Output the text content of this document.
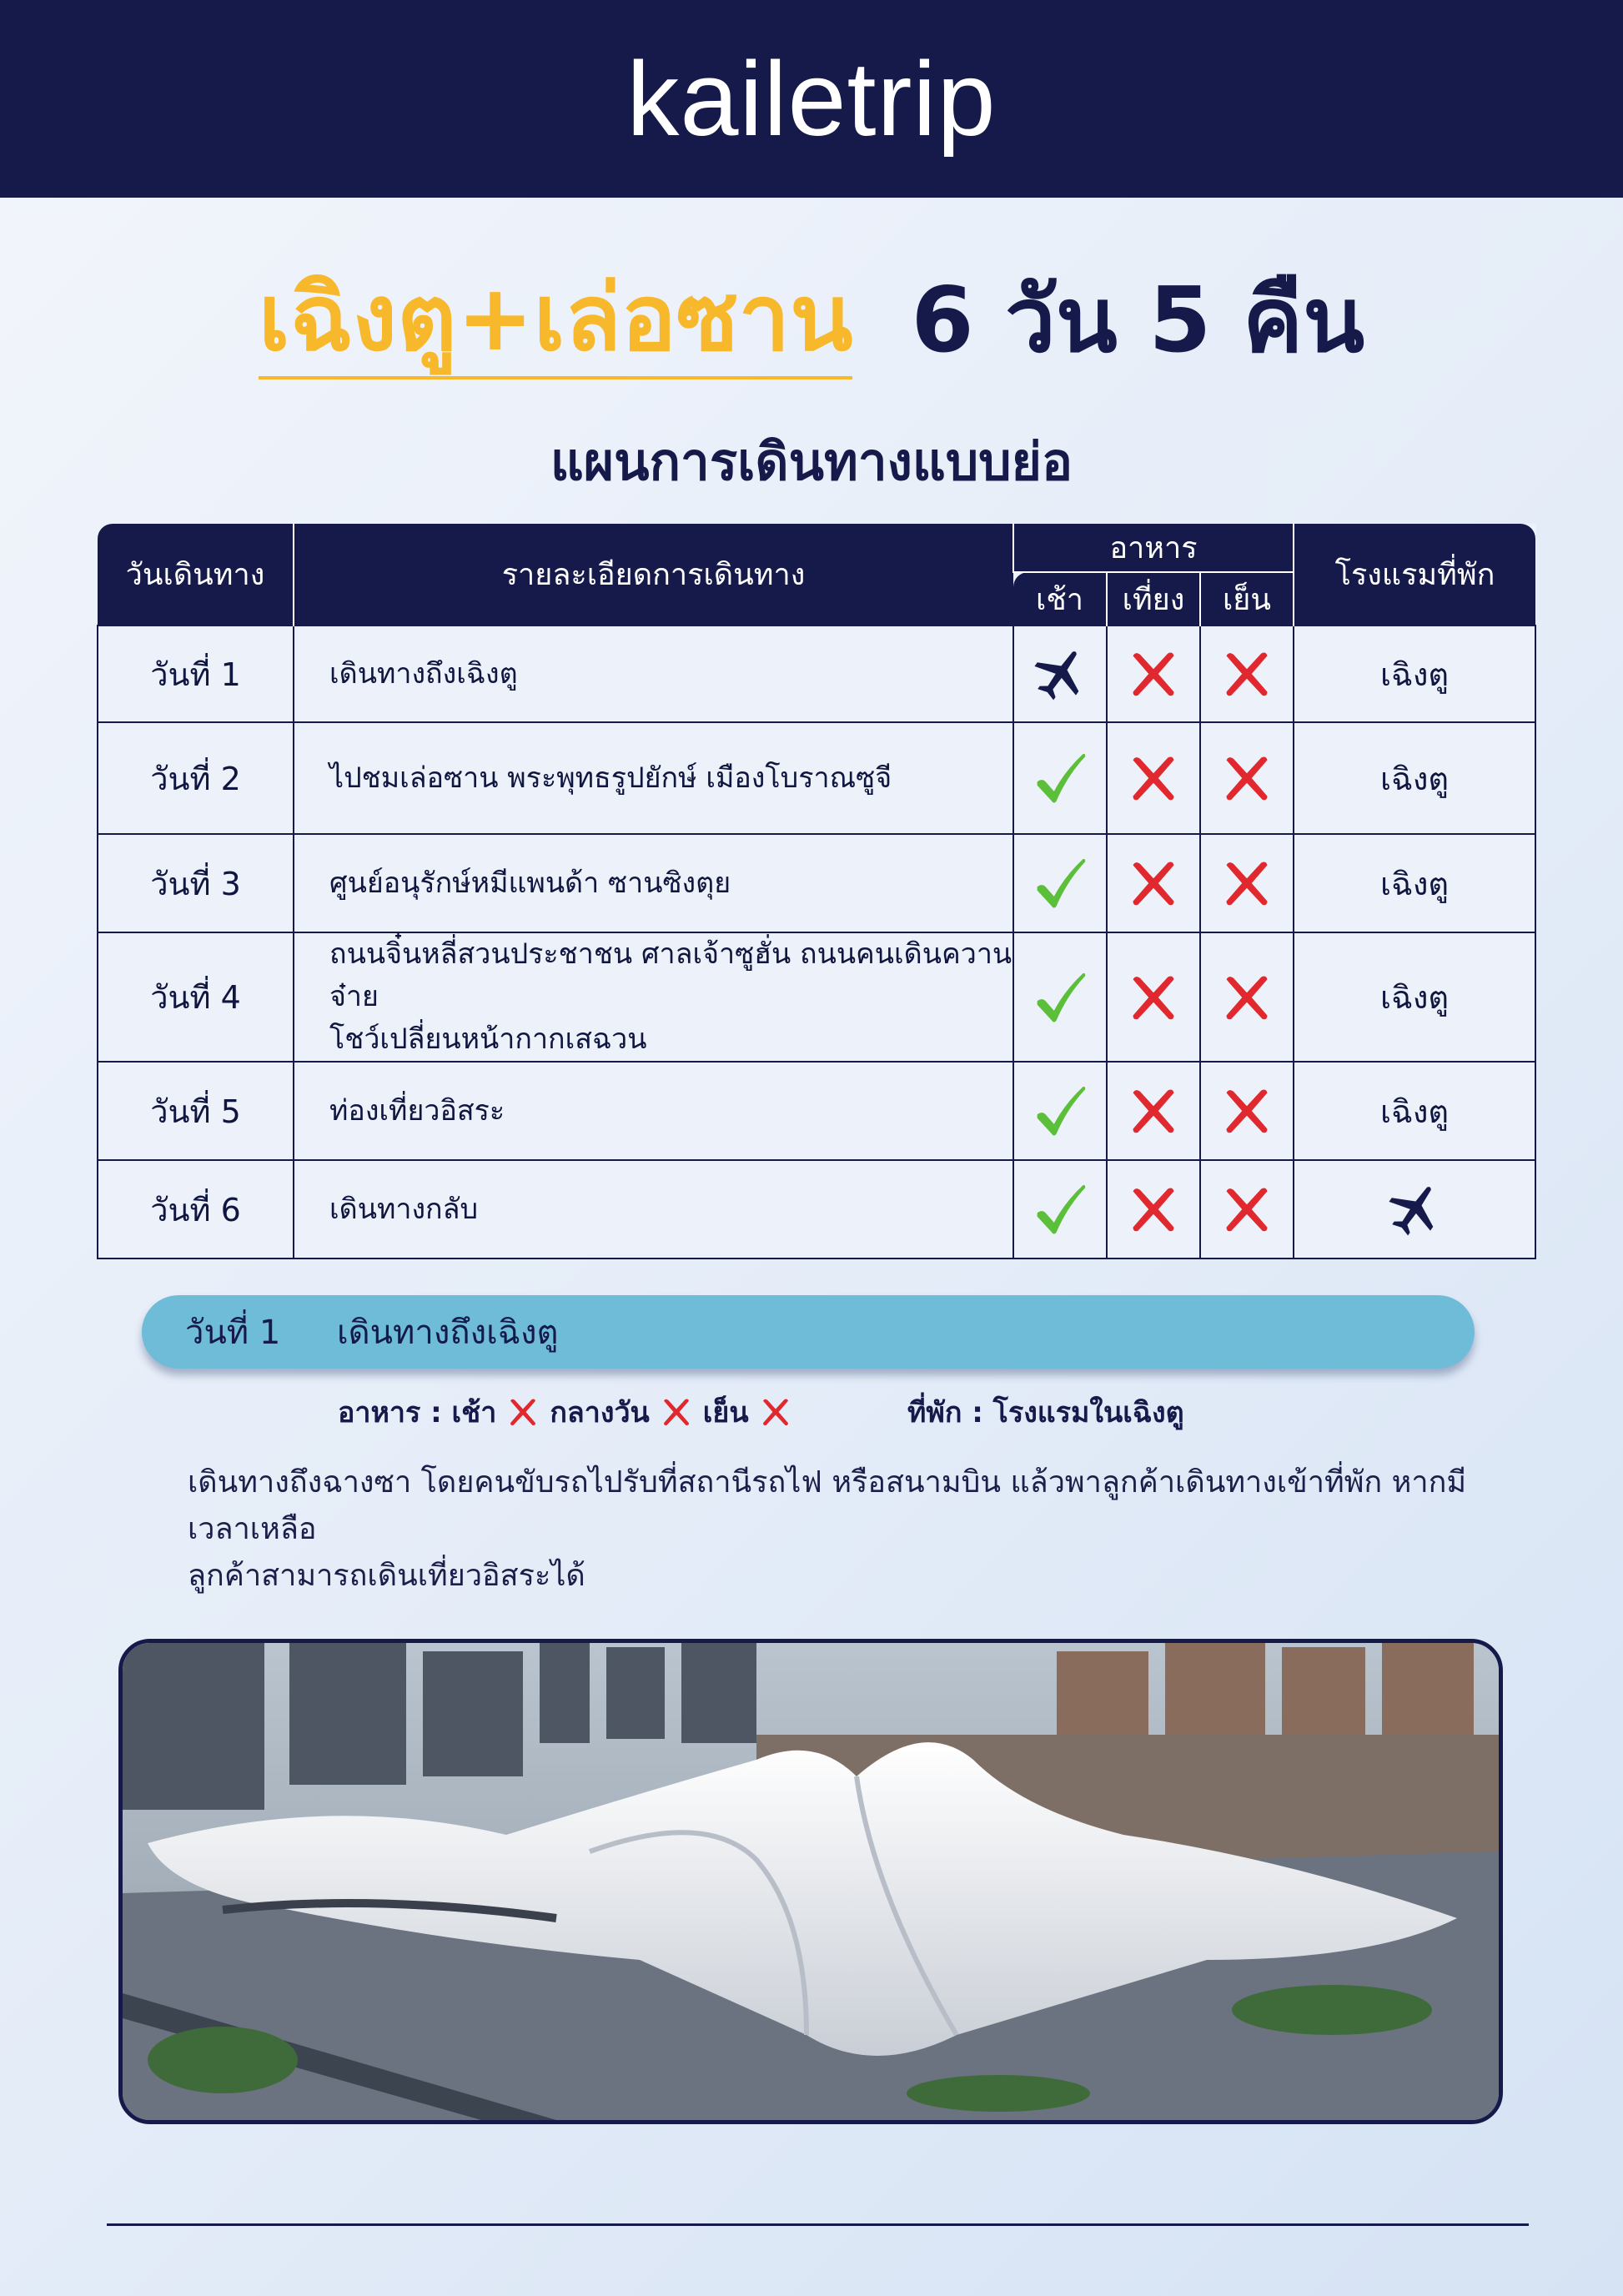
kailetrip
เฉิงตู+เล่อซาน 6 วัน 5 คืน
แผนการเดินทางแบบย่อ
วันเดินทาง	รายละเอียดการเดินทาง	อาหาร			โรงแรมที่พัก
		เช้า	เที่ยง	เย็น	
วันที่ 1	เดินทางถึงเฉิงตู				เฉิงตู
วันที่ 2	ไปชมเล่อซาน พระพุทธรูปยักษ์ เมืองโบราณซูจี				เฉิงตู
วันที่ 3	ศูนย์อนุรักษ์หมีแพนด้า ซานซิงตุย				เฉิงตู
วันที่ 4	ถนนจิ๋นหลี่สวนประชาชน ศาลเจ้าซูฮั่น ถนนคนเดินควานจ๋าย
โชว์เปลี่ยนหน้ากากเสฉวน				เฉิงตู
วันที่ 5	ท่องเที่ยวอิสระ				เฉิงตู
วันที่ 6	เดินทางกลับ				
วันที่ 1	เดินทางถึงเฉิงตู
อาหาร : เช้า กลางวัน เย็น	ที่พัก : โรงแรมในเฉิงตู
เดินทางถึงฉางซา โดยคนขับรถไปรับที่สถานีรถไฟ หรือสนามบิน แล้วพาลูกค้าเดินทางเข้าที่พัก หากมีเวลาเหลือ
ลูกค้าสามารถเดินเที่ยวอิสระได้
